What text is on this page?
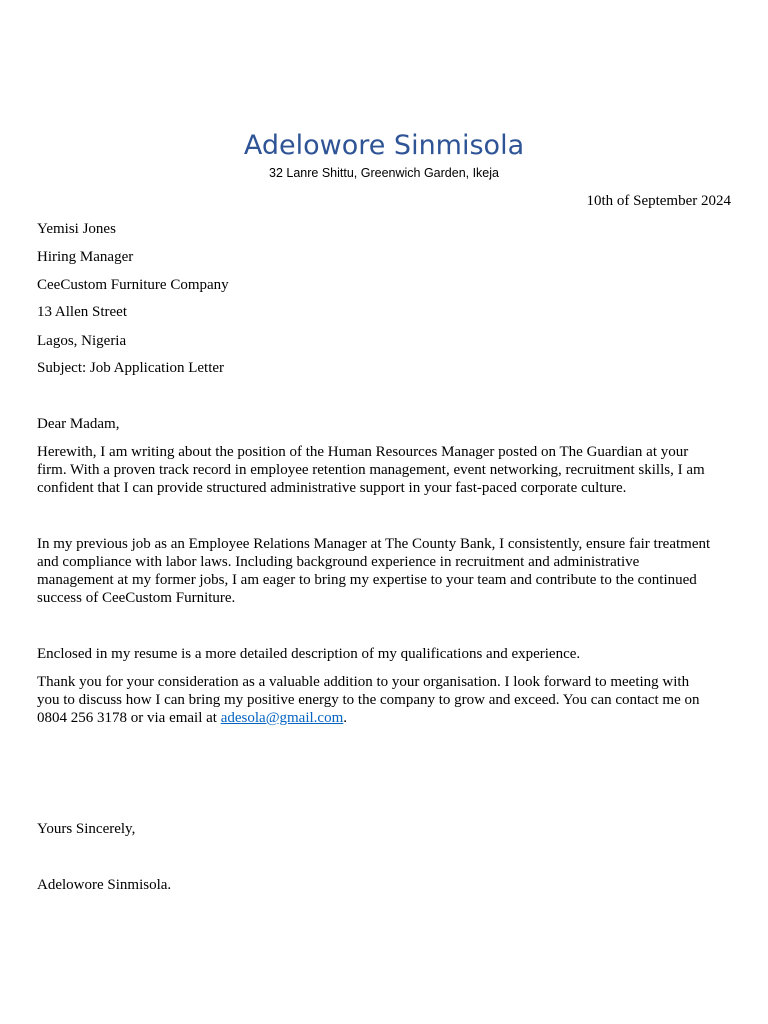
Adelowore Sinmisola
32 Lanre Shittu, Greenwich Garden, Ikeja
10th of September 2024
Yemisi Jones
Hiring Manager
CeeCustom Furniture Company
13 Allen Street
Lagos, Nigeria
Subject: Job Application Letter
Dear Madam,
Herewith, I am writing about the position of the Human Resources Manager posted on The Guardian at your
firm. With a proven track record in employee retention management, event networking, recruitment skills, I am
confident that I can provide structured administrative support in your fast-paced corporate culture.
In my previous job as an Employee Relations Manager at The County Bank, I consistently, ensure fair treatment
and compliance with labor laws. Including background experience in recruitment and administrative
management at my former jobs, I am eager to bring my expertise to your team and contribute to the continued
success of CeeCustom Furniture.
Enclosed in my resume is a more detailed description of my qualifications and experience.
Thank you for your consideration as a valuable addition to your organisation. I look forward to meeting with
you to discuss how I can bring my positive energy to the company to grow and exceed. You can contact me on
0804 256 3178 or via email at adesola@gmail.com.
Yours Sincerely,
Adelowore Sinmisola.
